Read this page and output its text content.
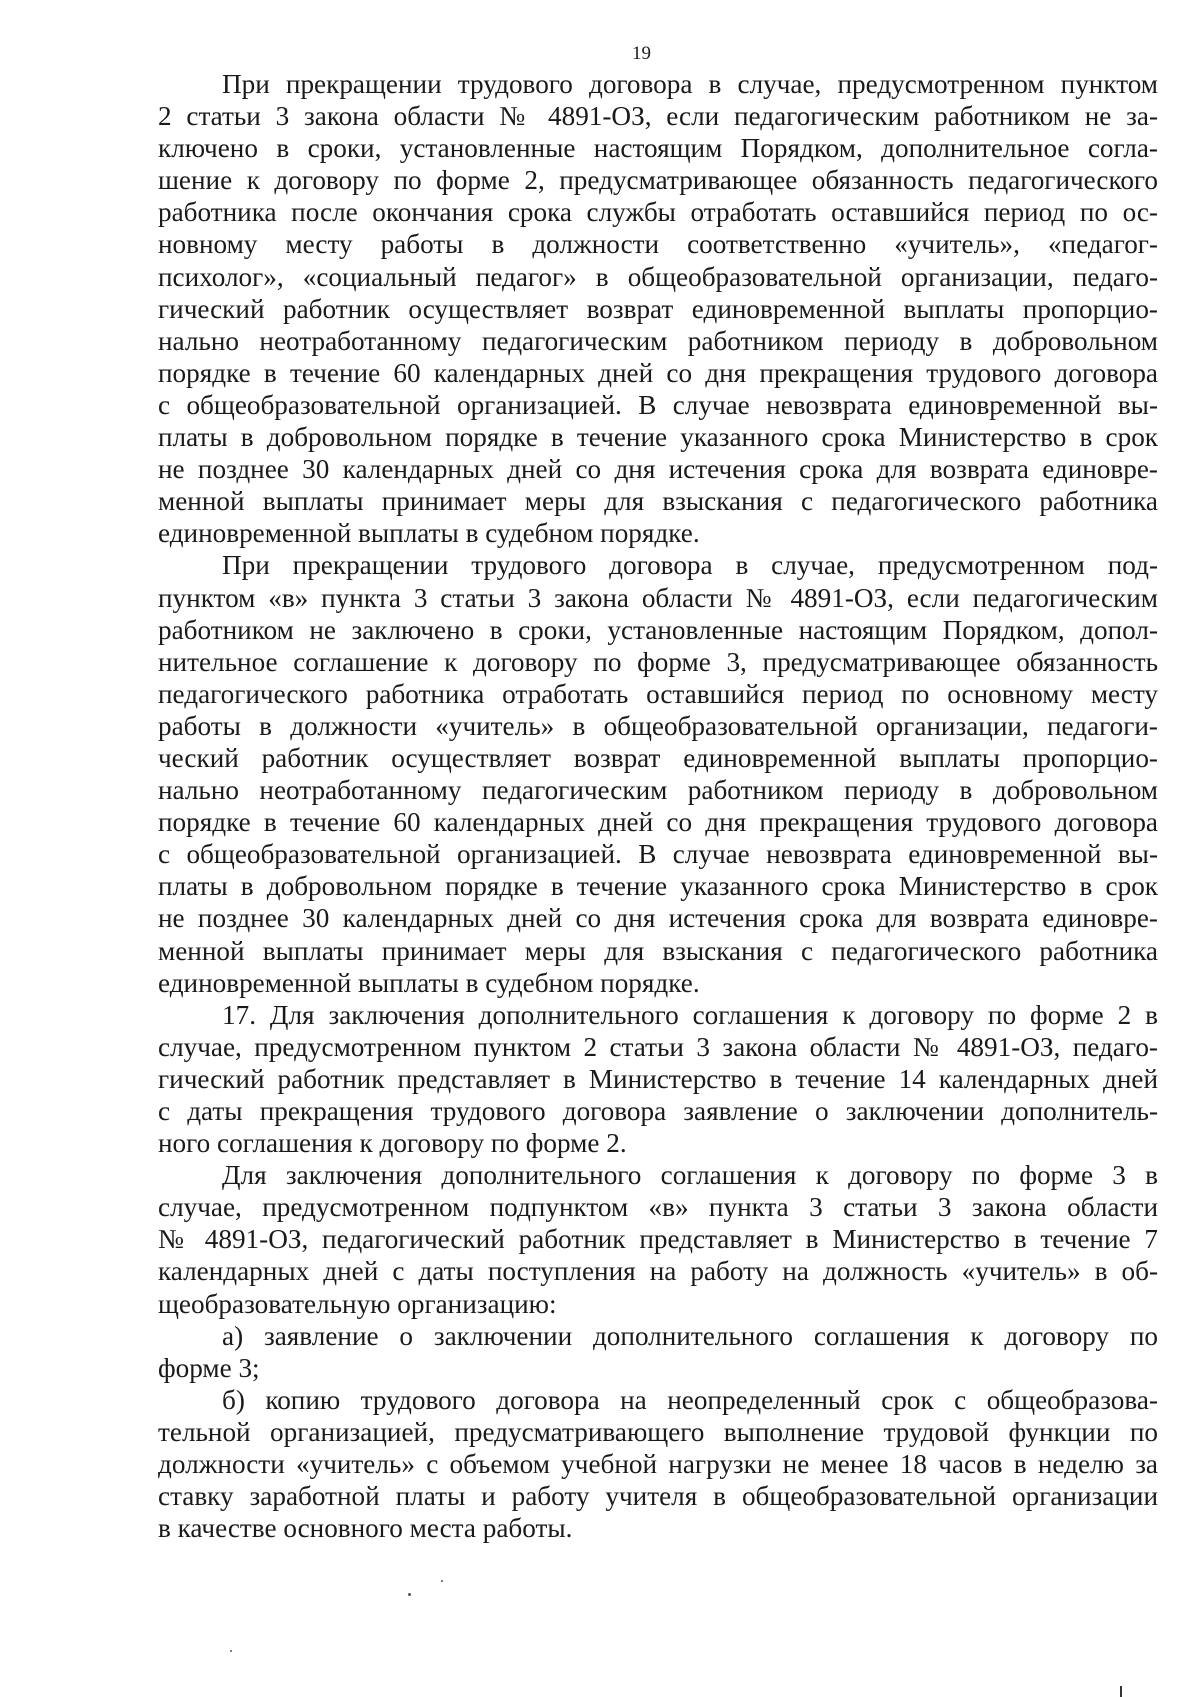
19
При прекращении трудового договора в случае, предусмотренном пунктом
2 статьи 3 закона области № 4891-ОЗ, если педагогическим работником не за-
ключено в сроки, установленные настоящим Порядком, дополнительное согла-
шение к договору по форме 2, предусматривающее обязанность педагогического
работника после окончания срока службы отработать оставшийся период по ос-
новному месту работы в должности соответственно «учитель», «педагог-
психолог», «социальный педагог» в общеобразовательной организации, педаго-
гический работник осуществляет возврат единовременной выплаты пропорцио-
нально неотработанному педагогическим работником периоду в добровольном
порядке в течение 60 календарных дней со дня прекращения трудового договора
с общеобразовательной организацией. В случае невозврата единовременной вы-
платы в добровольном порядке в течение указанного срока Министерство в срок
не позднее 30 календарных дней со дня истечения срока для возврата единовре-
менной выплаты принимает меры для взыскания с педагогического работника
единовременной выплаты в судебном порядке.
При прекращении трудового договора в случае, предусмотренном под-
пунктом «в» пункта 3 статьи 3 закона области № 4891-ОЗ, если педагогическим
работником не заключено в сроки, установленные настоящим Порядком, допол-
нительное соглашение к договору по форме 3, предусматривающее обязанность
педагогического работника отработать оставшийся период по основному месту
работы в должности «учитель» в общеобразовательной организации, педагоги-
ческий работник осуществляет возврат единовременной выплаты пропорцио-
нально неотработанному педагогическим работником периоду в добровольном
порядке в течение 60 календарных дней со дня прекращения трудового договора
с общеобразовательной организацией. В случае невозврата единовременной вы-
платы в добровольном порядке в течение указанного срока Министерство в срок
не позднее 30 календарных дней со дня истечения срока для возврата единовре-
менной выплаты принимает меры для взыскания с педагогического работника
единовременной выплаты в судебном порядке.
17. Для заключения дополнительного соглашения к договору по форме 2 в
случае, предусмотренном пунктом 2 статьи 3 закона области № 4891-ОЗ, педаго-
гический работник представляет в Министерство в течение 14 календарных дней
с даты прекращения трудового договора заявление о заключении дополнитель-
ного соглашения к договору по форме 2.
Для заключения дополнительного соглашения к договору по форме 3 в
случае, предусмотренном подпунктом «в» пункта 3 статьи 3 закона области
№ 4891-ОЗ, педагогический работник представляет в Министерство в течение 7
календарных дней с даты поступления на работу на должность «учитель» в об-
щеобразовательную организацию:
а) заявление о заключении дополнительного соглашения к договору по
форме 3;
б) копию трудового договора на неопределенный срок с общеобразова-
тельной организацией, предусматривающего выполнение трудовой функции по
должности «учитель» с объемом учебной нагрузки не менее 18 часов в неделю за
ставку заработной платы и работу учителя в общеобразовательной организации
в качестве основного места работы.
